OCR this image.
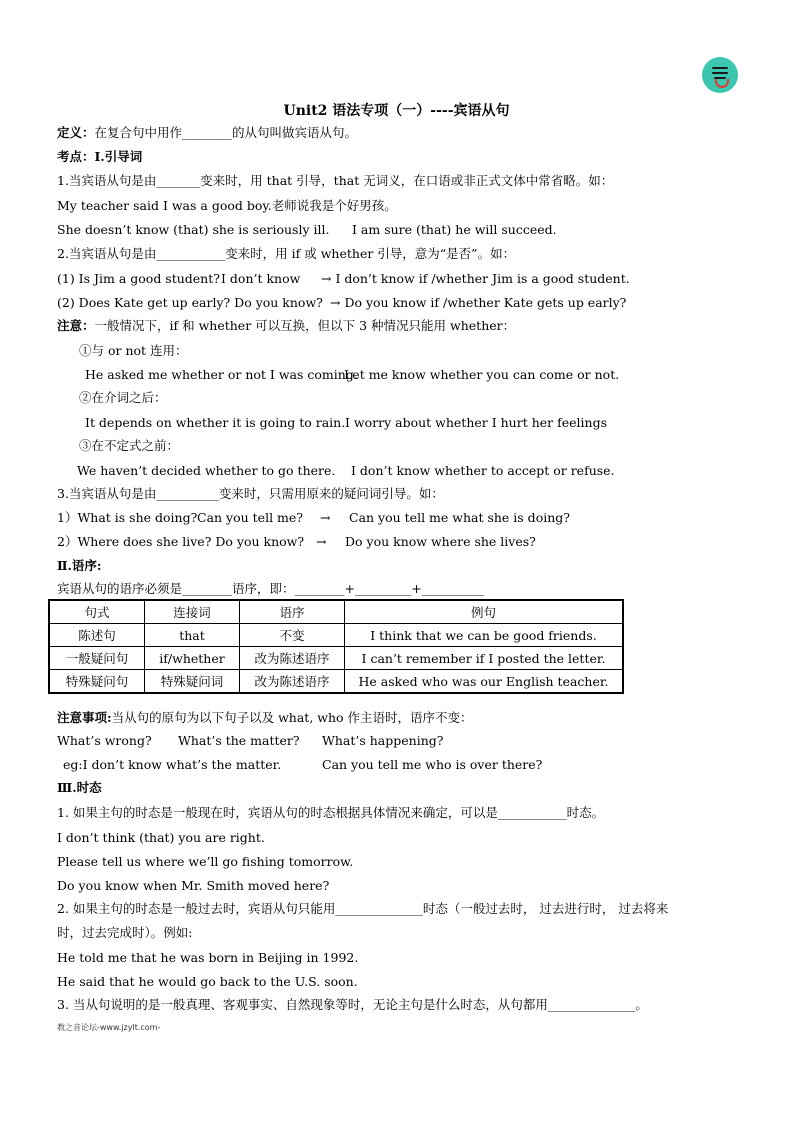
Unit2 语法专项（一）----宾语从句
定义：在复合句中用作________的从句叫做宾语从句。
考点：Ⅰ.引导词
1.当宾语从句是由_______变来时，用 that 引导，that 无词义，在口语或非正式文体中常省略。如：
My teacher said I was a good boy.老师说我是个好男孩。
She doesn’t know (that) she is seriously ill. I am sure (that) he will succeed.
2.当宾语从句是由___________变来时，用 if 或 whether 引导，意为“是否”。如：
(1) Is Jim a good student? I don’t know → I don’t know if /whether Jim is a good student.
(2) Does Kate get up early? Do you know? → Do you know if /whether Kate gets up early?
注意：一般情况下，if 和 whether 可以互换，但以下 3 种情况只能用 whether：
①与 or not 连用：
He asked me whether or not I was coming.
Let me know whether you can come or not.
②在介词之后：
It depends on whether it is going to rain. I worry about whether I hurt her feelings
③在不定式之前：
We haven’t decided whether to go there. I don’t know whether to accept or refuse.
3.当宾语从句是由__________变来时，只需用原来的疑问词引导。如：
1）What is she doing? Can you tell me? → Can you tell me what she is doing?
2）Where does she live? Do you know? → Do you know where she lives?
Ⅱ.语序:
宾语从句的语序必须是________语序，即：________+_________+__________
句式	连接词	语序	例句
陈述句	that	不变	I think that we can be good friends.
一般疑问句	if/whether	改为陈述语序	I can’t remember if I posted the letter.
特殊疑问句	特殊疑问词	改为陈述语序	He asked who was our English teacher.
注意事项:当从句的原句为以下句子以及 what, who 作主语时，语序不变：
What’s wrong? What’s the matter? What’s happening?
eg:I don’t know what’s the matter.	Can you tell me who is over there?
Ⅲ.时态
1. 如果主句的时态是一般现在时，宾语从句的时态根据具体情况来确定，可以是___________时态。
I don’t think (that) you are right.
Please tell us where we’ll go fishing tomorrow.
Do you know when Mr. Smith moved here?
2. 如果主句的时态是一般过去时，宾语从句只能用______________时态（一般过去时， 过去进行时， 过去将来
时，过去完成时）。例如:
He told me that he was born in Beijing in 1992.
He said that he would go back to the U.S. soon.
3. 当从句说明的是一般真理、客观事实、自然现象等时，无论主句是什么时态，从句都用______________。
教之音论坛-www.jzylt.com-
